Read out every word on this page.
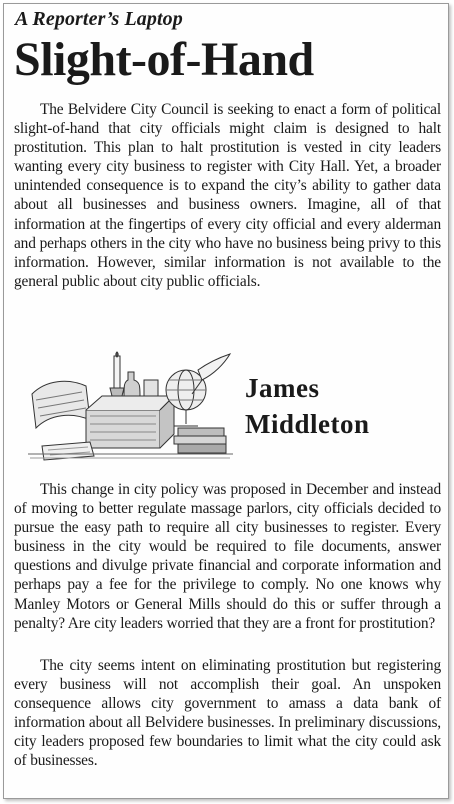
A Reporter’s Laptop
Slight-of-Hand

The Belvidere City Council is seeking to enact a form of political slight-of-hand that city officials might claim is designed to halt prostitution. This plan to halt prostitution is vested in city leaders wanting every city business to register with City Hall. Yet, a broader unintended consequence is to expand the city’s ability to gather data about all businesses and business owners. Imagine, all of that information at the fingertips of every city official and every alderman and perhaps others in the city who have no business being privy to this information. However, similar information is not available to the general public about city public officials.

James
Middleton

This change in city policy was proposed in December and instead of moving to better regulate massage parlors, city officials decided to pursue the easy path to require all city businesses to register. Every business in the city would be required to file documents, answer questions and divulge private financial and corporate information and perhaps pay a fee for the privilege to comply. No one knows why Manley Motors or General Mills should do this or suffer through a penalty? Are city leaders worried that they are a front for prostitution?

The city seems intent on eliminating prostitution but registering every business will not accomplish their goal. An unspoken consequence allows city government to amass a data bank of information about all Belvidere businesses. In preliminary discussions, city leaders proposed few boundaries to limit what the city could ask of businesses.
